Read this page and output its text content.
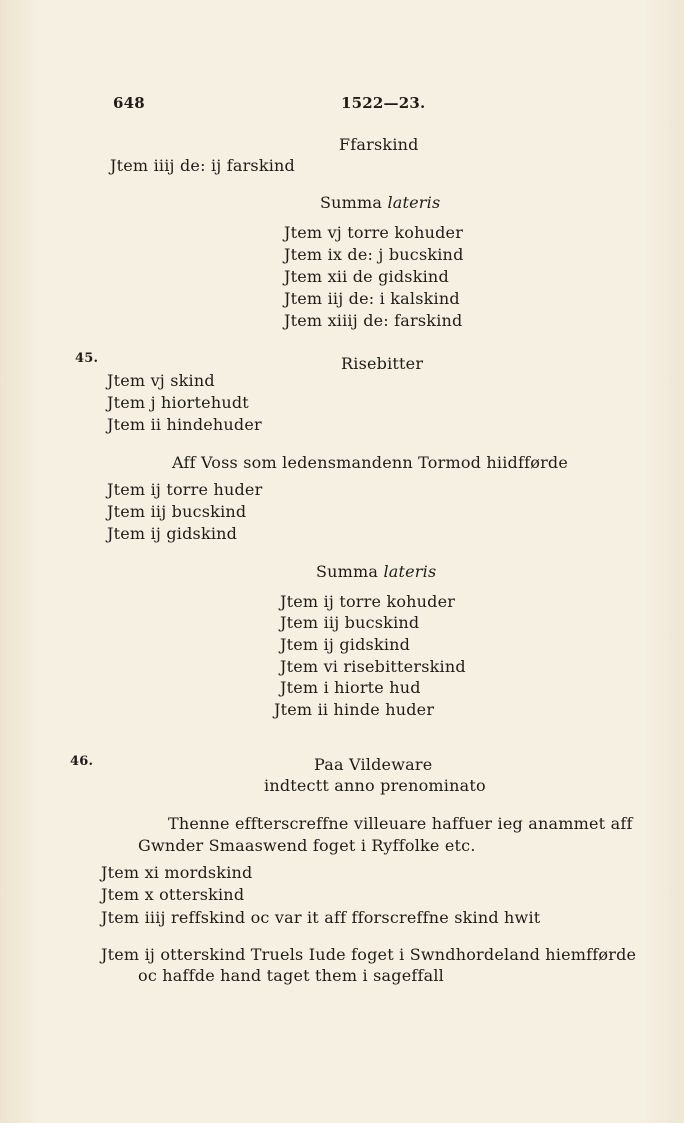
648	1522—23.
Ffarskind
Jtem iiij de: ij farskind
Summa lateris
Jtem vj torre kohuder
Jtem ix de: j bucskind
Jtem xii de gidskind
Jtem iij de: i kalskind
Jtem xiiij de: farskind
45.	Risebitter
Jtem vj skind
Jtem j hiortehudt
Jtem ii hindehuder
Aff Voss som ledensmandenn Tormod hiidfførde
Jtem ij torre huder
Jtem iij bucskind
Jtem ij gidskind
Summa lateris
Jtem ij torre kohuder
Jtem iij bucskind
Jtem ij gidskind
Jtem vi risebitterskind
Jtem i hiorte hud
Jtem ii hinde huder
46.	Paa Vildeware
indtectt anno prenominato
Thenne effterscreffne villeuare haffuer ieg anammet aff
Gwnder Smaaswend foget i Ryffolke etc.
Jtem xi mordskind
Jtem x otterskind
Jtem iiij reffskind oc var it aff fforscreffne skind hwit
Jtem ij otterskind Truels Iude foget i Swndhordeland hiemfførde
oc haffde hand taget them i sageffall
